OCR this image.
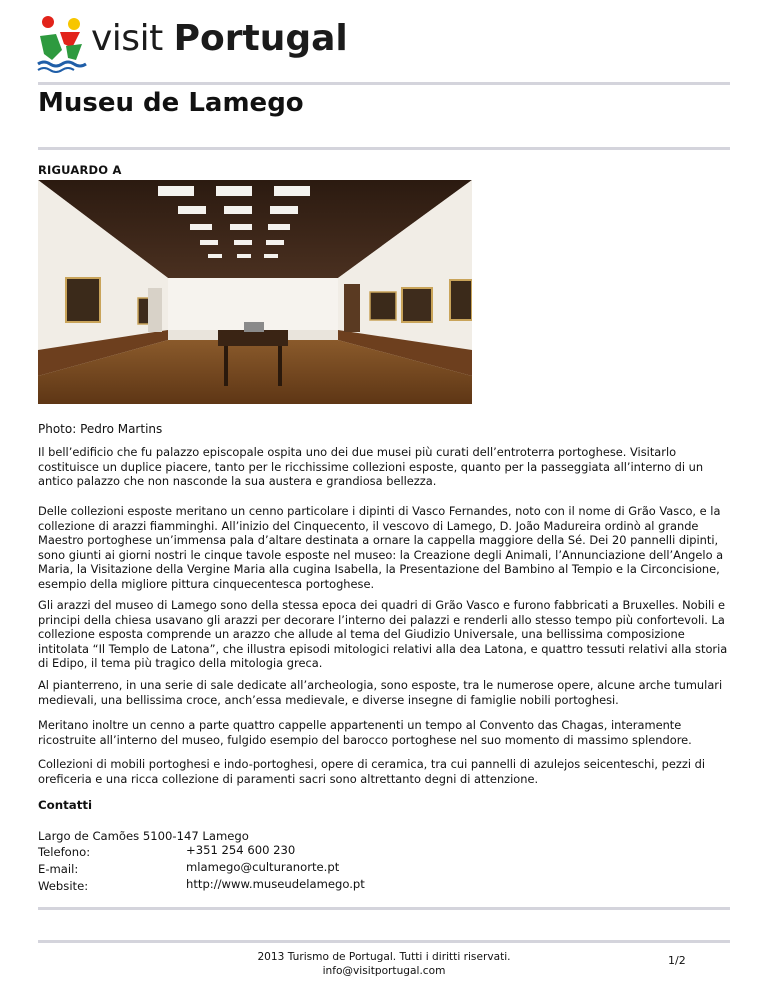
visit Portugal
Museu de Lamego
RIGUARDO A

Photo: Pedro Martins

Il bell’edificio che fu palazzo episcopale ospita uno dei due musei più curati dell’entroterra portoghese. Visitarlo costituisce un duplice piacere, tanto per le ricchissime collezioni esposte, quanto per la passeggiata all’interno di un antico palazzo che non nasconde la sua austera e grandiosa bellezza.

Delle collezioni esposte meritano un cenno particolare i dipinti di Vasco Fernandes, noto con il nome di Grão Vasco, e la collezione di arazzi fiamminghi. All’inizio del Cinquecento, il vescovo di Lamego, D. João Madureira ordinò al grande Maestro portoghese un’immensa pala d’altare destinata a ornare la cappella maggiore della Sé. Dei 20 pannelli dipinti, sono giunti ai giorni nostri le cinque tavole esposte nel museo: la Creazione degli Animali, l’Annunciazione dell’Angelo a Maria, la Visitazione della Vergine Maria alla cugina Isabella, la Presentazione del Bambino al Tempio e la Circoncisione, esempio della migliore pittura cinquecentesca portoghese.

Gli arazzi del museo di Lamego sono della stessa epoca dei quadri di Grão Vasco e furono fabbricati a Bruxelles. Nobili e principi della chiesa usavano gli arazzi per decorare l’interno dei palazzi e renderli allo stesso tempo più confortevoli. La collezione esposta comprende un arazzo che allude al tema del Giudizio Universale, una bellissima composizione intitolata “Il Templo de Latona”, che illustra episodi mitologici relativi alla dea Latona, e quattro tessuti relativi alla storia di Edipo, il tema più tragico della mitologia greca.

Al pianterreno, in una serie di sale dedicate all’archeologia, sono esposte, tra le numerose opere, alcune arche tumulari medievali, una bellissima croce, anch’essa medievale, e diverse insegne di famiglie nobili portoghesi.

Meritano inoltre un cenno a parte quattro cappelle appartenenti un tempo al Convento das Chagas, interamente ricostruite all’interno del museo, fulgido esempio del barocco portoghese nel suo momento di massimo splendore.

Collezioni di mobili portoghesi e indo-portoghesi, opere di ceramica, tra cui pannelli di azulejos seicenteschi, pezzi di oreficeria e una ricca collezione di paramenti sacri sono altrettanto degni di attenzione.

Contatti

Largo de Camões 5100-147 Lamego

Telefono:	+351 254 600 230

E-mail:	mlamego@culturanorte.pt

Website:	http://www.museudelamego.pt

2013 Turismo de Portugal. Tutti i diritti riservati.
info@visitportugal.com

1/2
